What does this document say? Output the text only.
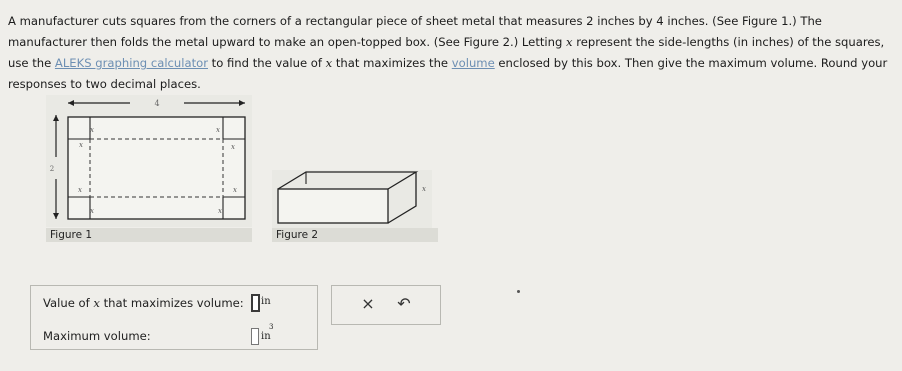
A manufacturer cuts squares from the corners of a rectangular piece of sheet metal that measures 2 inches by 4 inches. (See Figure 1.) The manufacturer then folds the metal upward to make an open-topped box. (See Figure 2.) Letting x represent the side-lengths (in inches) of the squares, use the ALEKS graphing calculator to find the value of x that maximizes the volume enclosed by this box. Then give the maximum volume. Round your responses to two decimal places.
4
2
x
x
x
x
x	x
x	x
Figure 1
x
Figure 2
Value of x that maximizes volume: in
Maximum volume:	in
3
× ↶
